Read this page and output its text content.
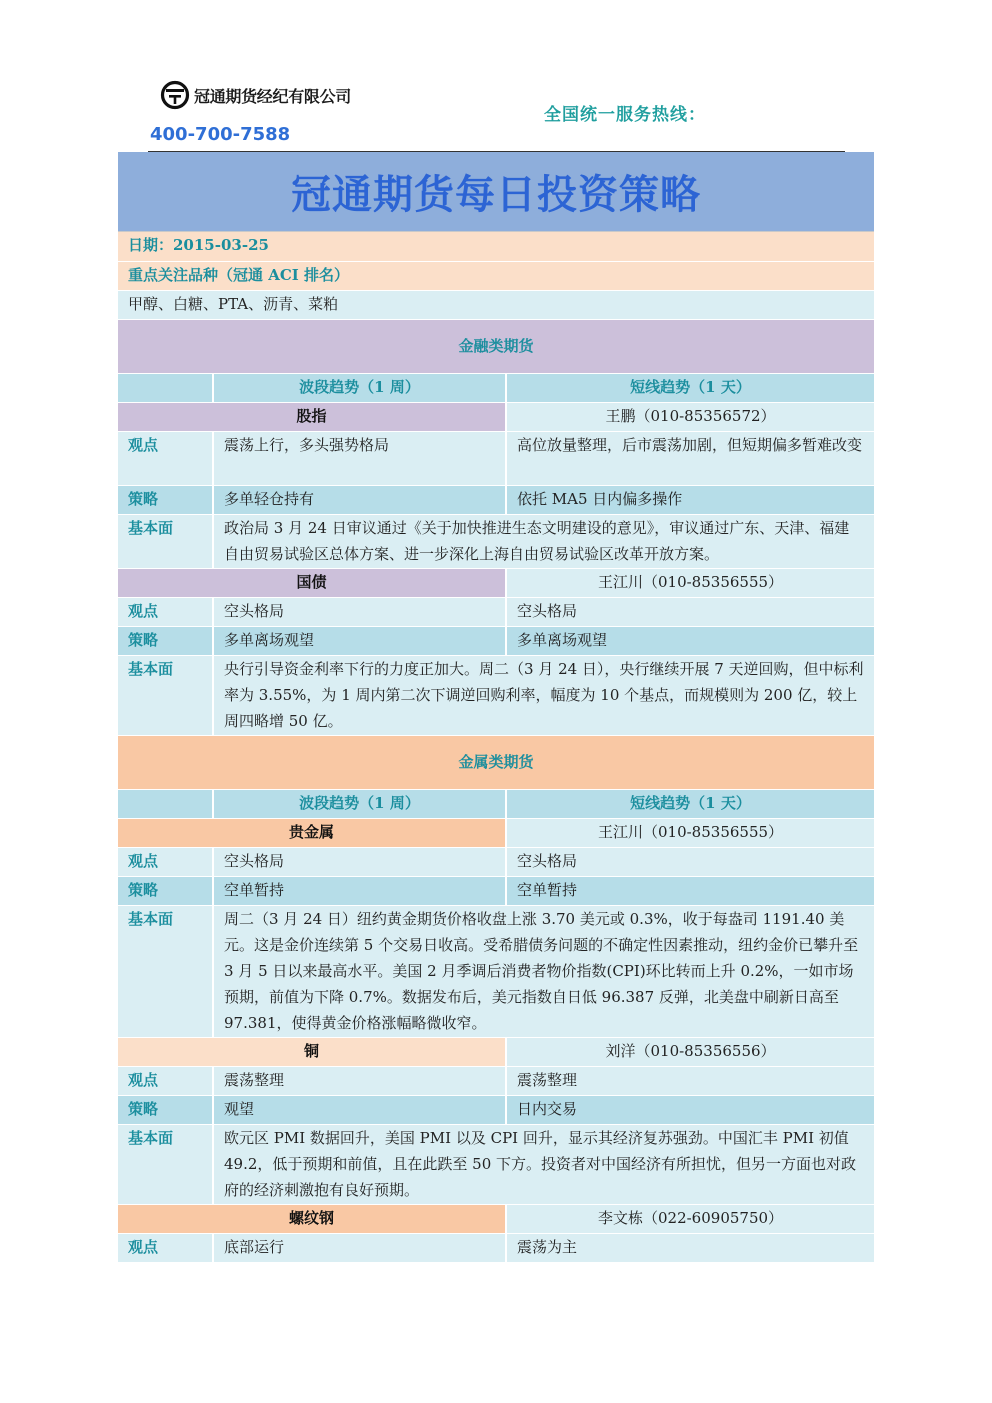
冠通期货经纪有限公司
全国统一服务热线：
400-700-7588
冠通期货每日投资策略
日期：2015-03-25		
重点关注品种（冠通 ACI 排名）		
甲醇、白糖、PTA、沥青、菜粕		
金融类期货		
	波段趋势（1 周）	短线趋势（1 天）
股指		王鹏（010-85356572）
观点	震荡上行，多头强势格局	高位放量整理，后市震荡加剧，但短期偏多暂难改变
策略	多单轻仓持有	依托 MA5 日内偏多操作
基本面	政治局 3 月 24 日审议通过《关于加快推进生态文明建设的意见》，审议通过广东、天津、福建自由贸易试验区总体方案、进一步深化上海自由贸易试验区改革开放方案。	
国债		王江川（010-85356555）
观点	空头格局	空头格局
策略	多单离场观望	多单离场观望
基本面	央行引导资金利率下行的力度正加大。周二（3 月 24 日），央行继续开展 7 天逆回购，但中标利率为 3.55%，为 1 周内第二次下调逆回购利率，幅度为 10 个基点，而规模则为 200 亿，较上周四略增 50 亿。	
金属类期货		
	波段趋势（1 周）	短线趋势（1 天）
贵金属		王江川（010-85356555）
观点	空头格局	空头格局
策略	空单暂持	空单暂持
基本面	周二（3 月 24 日）纽约黄金期货价格收盘上涨 3.70 美元或 0.3%，收于每盎司 1191.40 美元。这是金价连续第 5 个交易日收高。受希腊债务问题的不确定性因素推动，纽约金价已攀升至 3 月 5 日以来最高水平。美国 2 月季调后消费者物价指数(CPI)环比转而上升 0.2%，一如市场预期，前值为下降 0.7%。数据发布后，美元指数自日低 96.387 反弹，北美盘中刷新日高至 97.381，使得黄金价格涨幅略微收窄。	
铜		刘洋（010-85356556）
观点	震荡整理	震荡整理
策略	观望	日内交易
基本面	欧元区 PMI 数据回升，美国 PMI 以及 CPI 回升，显示其经济复苏强劲。中国汇丰 PMI 初值 49.2，低于预期和前值，且在此跌至 50 下方。投资者对中国经济有所担忧，但另一方面也对政府的经济刺激抱有良好预期。	
螺纹钢		李文栋（022-60905750）
观点	底部运行	震荡为主
